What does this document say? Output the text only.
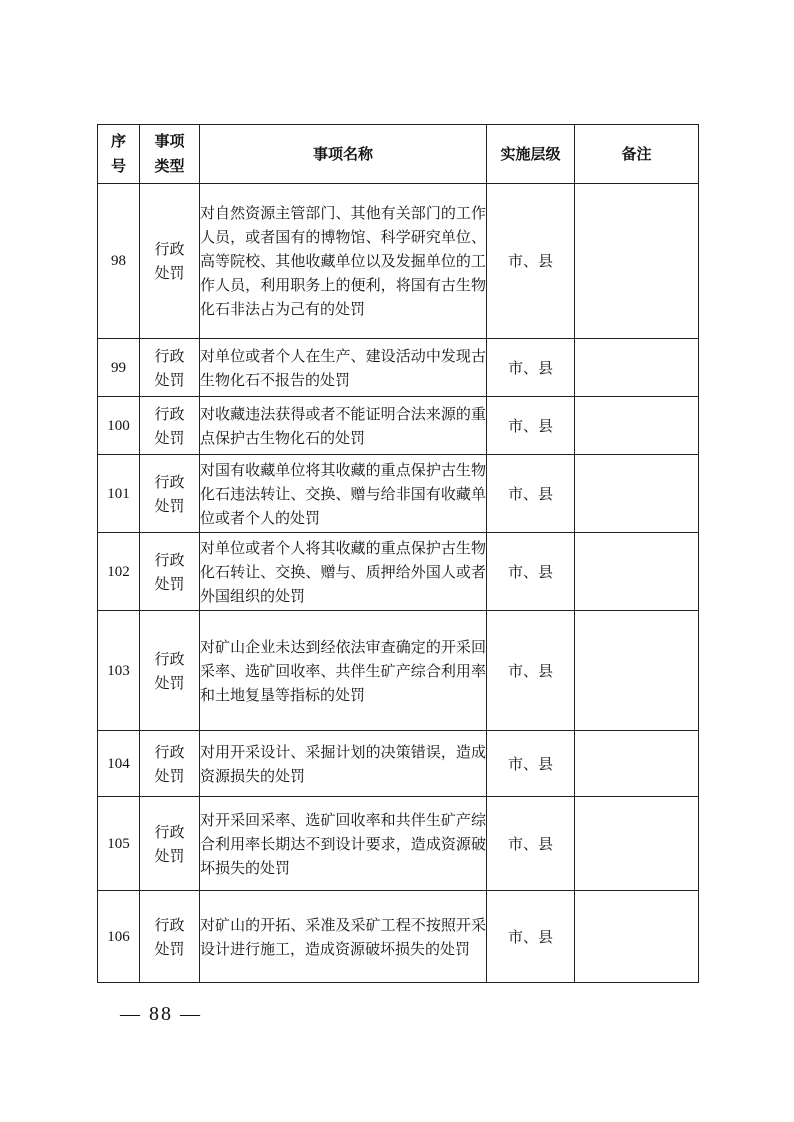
序号	事项类型	事项名称	实施层级	备注
98	行政处罚	对自然资源主管部门、其他有关部门的工作人员，或者国有的博物馆、科学研究单位、高等院校、其他收藏单位以及发掘单位的工作人员，利用职务上的便利，将国有古生物化石非法占为己有的处罚	市、县	
99	行政处罚	对单位或者个人在生产、建设活动中发现古生物化石不报告的处罚	市、县	
100	行政处罚	对收藏违法获得或者不能证明合法来源的重点保护古生物化石的处罚	市、县	
101	行政处罚	对国有收藏单位将其收藏的重点保护古生物化石违法转让、交换、赠与给非国有收藏单位或者个人的处罚	市、县	
102	行政处罚	对单位或者个人将其收藏的重点保护古生物化石转让、交换、赠与、质押给外国人或者外国组织的处罚	市、县	
103	行政处罚	对矿山企业未达到经依法审查确定的开采回采率、选矿回收率、共伴生矿产综合利用率和土地复垦等指标的处罚	市、县	
104	行政处罚	对用开采设计、采掘计划的决策错误，造成资源损失的处罚	市、县	
105	行政处罚	对开采回采率、选矿回收率和共伴生矿产综合利用率长期达不到设计要求，造成资源破坏损失的处罚	市、县	
106	行政处罚	对矿山的开拓、采准及采矿工程不按照开采设计进行施工，造成资源破坏损失的处罚	市、县	
— 88 —
